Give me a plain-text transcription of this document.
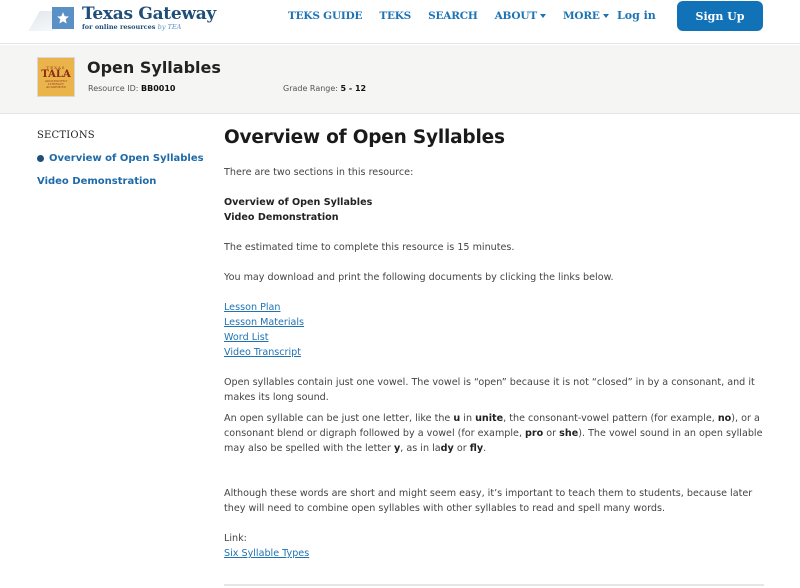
Texas Gateway
for online resources by TEA
TEKS GUIDE TEKS SEARCH ABOUT MORE Log in	Sign Up
TEXAS
TALA
ADOLESCENT LITERACY ACADEMIES
Open Syllables
Resource ID: BB0010	Grade Range: 5 - 12
SECTIONS
Overview of Open Syllables
Video Demonstration
Overview of Open Syllables

There are two sections in this resource:

Overview of Open Syllables
Video Demonstration

The estimated time to complete this resource is 15 minutes.

You may download and print the following documents by clicking the links below.

Lesson Plan
Lesson Materials
Word List
Video Transcript

Open syllables contain just one vowel. The vowel is “open” because it is not “closed” in by a consonant, and it makes its long sound.

An open syllable can be just one letter, like the u in unite, the consonant-vowel pattern (for example, no), or a consonant blend or digraph followed by a vowel (for example, pro or she). The vowel sound in an open syllable may also be spelled with the letter y, as in lady or fly.

Although these words are short and might seem easy, it’s important to teach them to students, because later they will need to combine open syllables with other syllables to read and spell many words.

Link:
Six Syllable Types
